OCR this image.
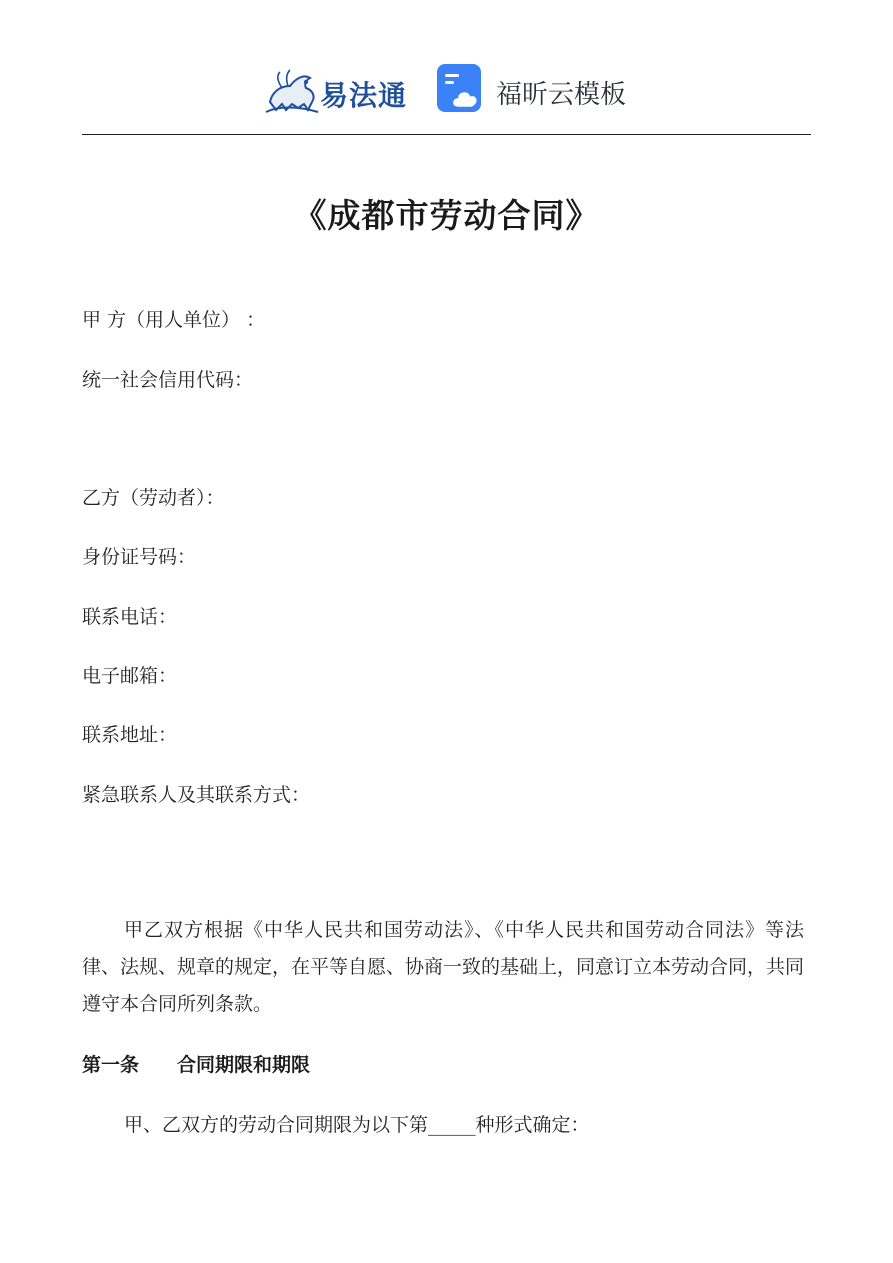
易法通	福昕云模板
《成都市劳动合同》
甲 方（用人单位） ：
统一社会信用代码：
乙方（劳动者）：
身份证号码：
联系电话：
电子邮箱：
联系地址：
紧急联系人及其联系方式：

甲乙双方根据《中华人民共和国劳动法》、《中华人民共和国劳动合同法》等法律、法规、规章的规定，在平等自愿、协商一致的基础上，同意订立本劳动合同，共同遵守本合同所列条款。

第一条 合同期限和期限
甲、乙双方的劳动合同期限为以下第_____种形式确定：
